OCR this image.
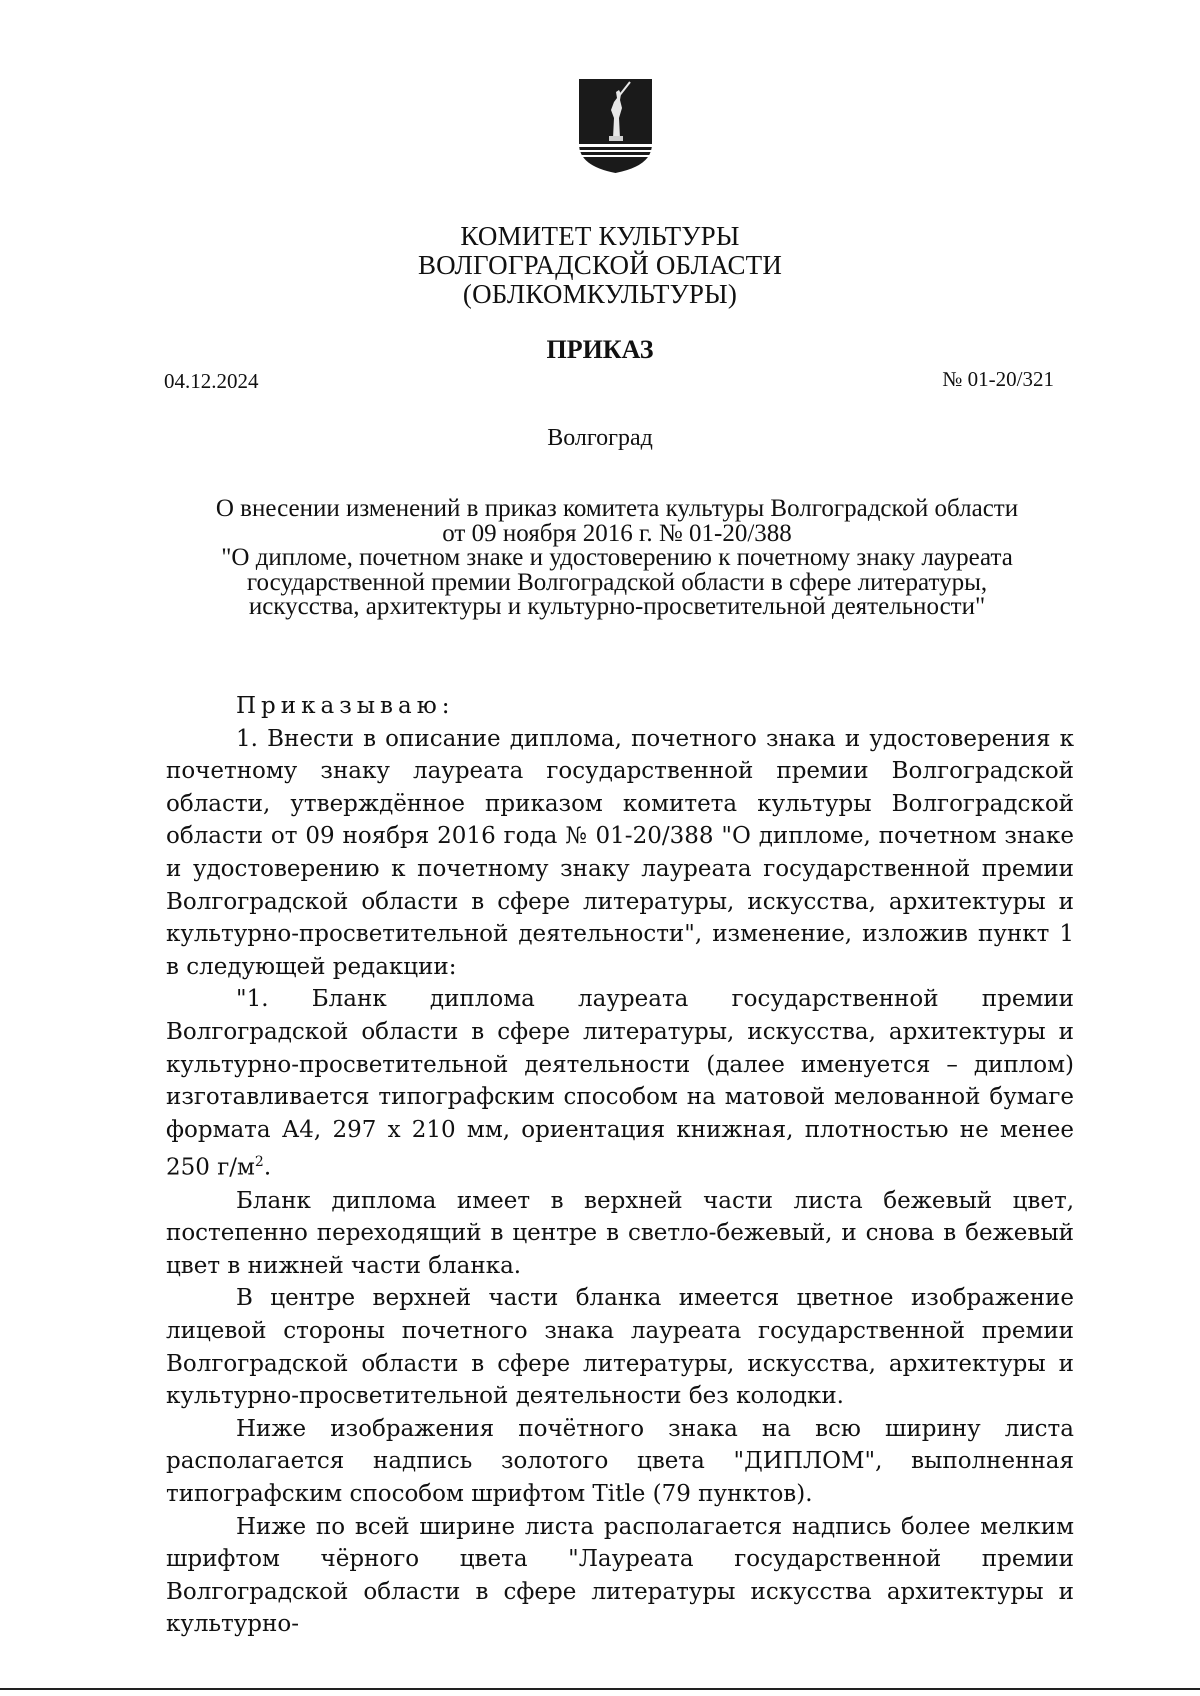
КОМИТЕТ КУЛЬТУРЫ
ВОЛГОГРАДСКОЙ ОБЛАСТИ
(ОБЛКОМКУЛЬТУРЫ)
ПРИКАЗ
04.12.2024	№ 01-20/321
Волгоград
О внесении изменений в приказ комитета культуры Волгоградской области
от 09 ноября 2016 г. № 01-20/388
"О дипломе, почетном знаке и удостоверению к почетному знаку лауреата
государственной премии Волгоградской области в сфере литературы,
искусства, архитектуры и культурно-просветительной деятельности"
Приказываю:

1. Внести в описание диплома, почетного знака и удостоверения к почетному знаку лауреата государственной премии Волгоградской области, утверждённое приказом комитета культуры Волгоградской области от 09 ноября 2016 года № 01-20/388 "О дипломе, почетном знаке и удостоверению к почетному знаку лауреата государственной премии Волгоградской области в сфере литературы, искусства, архитектуры и культурно-просветительной деятельности", изменение, изложив пункт 1 в следующей редакции:

"1. Бланк диплома лауреата государственной премии Волгоградской области в сфере литературы, искусства, архитектуры и культурно-просветительной деятельности (далее именуется – диплом) изготавливается типографским способом на матовой мелованной бумаге формата А4, 297 x 210 мм, ориентация книжная, плотностью не менее 250 $г/м^2$.

Бланк диплома имеет в верхней части листа бежевый цвет, постепенно переходящий в центре в светло-бежевый, и снова в бежевый цвет в нижней части бланка.

В центре верхней части бланка имеется цветное изображение лицевой стороны почетного знака лауреата государственной премии Волгоградской области в сфере литературы, искусства, архитектуры и культурно-просветительной деятельности без колодки.

Ниже изображения почётного знака на всю ширину листа располагается надпись золотого цвета "ДИПЛОМ", выполненная типографским способом шрифтом Title (79 пунктов).

Ниже по всей ширине листа располагается надпись более мелким шрифтом чёрного цвета "Лауреата государственной премии Волгоградской области в сфере литературы искусства архитектуры и культурно-
